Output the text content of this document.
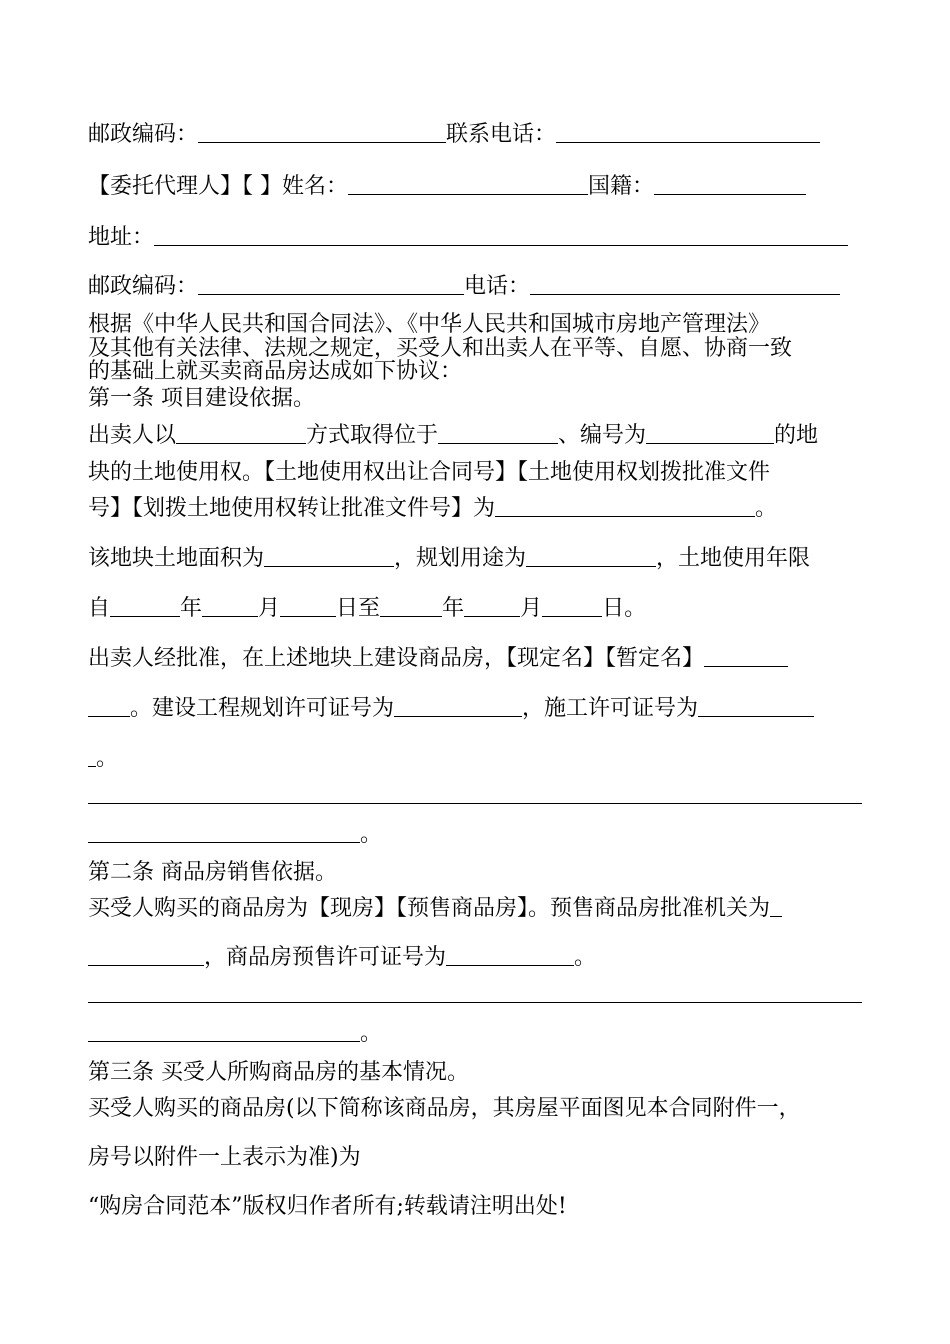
邮政编码：	联系电话：
【委托代理人】【 】姓名：	国籍：
地址：
邮政编码：	电话：
根据《中华人民共和国合同法》、《中华人民共和国城市房地产管理法》
及其他有关法律、法规之规定，买受人和出卖人在平等、自愿、协商一致
的基础上就买卖商品房达成如下协议：
第一条 项目建设依据。
出卖人以	方式取得位于	、编号为	的地
块的土地使用权。【土地使用权出让合同号】【土地使用权划拨批准文件
号】【划拨土地使用权转让批准文件号】为	。
该地块土地面积为	，规划用途为	，土地使用年限
自	年	月	日至	年	月	日。
出卖人经批准，在上述地块上建设商品房，【现定名】【暂定名】
。建设工程规划许可证号为	，施工许可证号为
。
。
第二条 商品房销售依据。
买受人购买的商品房为【现房】【预售商品房】。预售商品房批准机关为
，商品房预售许可证号为	。
。
第三条 买受人所购商品房的基本情况。
买受人购买的商品房(以下简称该商品房，其房屋平面图见本合同附件一，
房号以附件一上表示为准)为
“购房合同范本”版权归作者所有;转载请注明出处!
